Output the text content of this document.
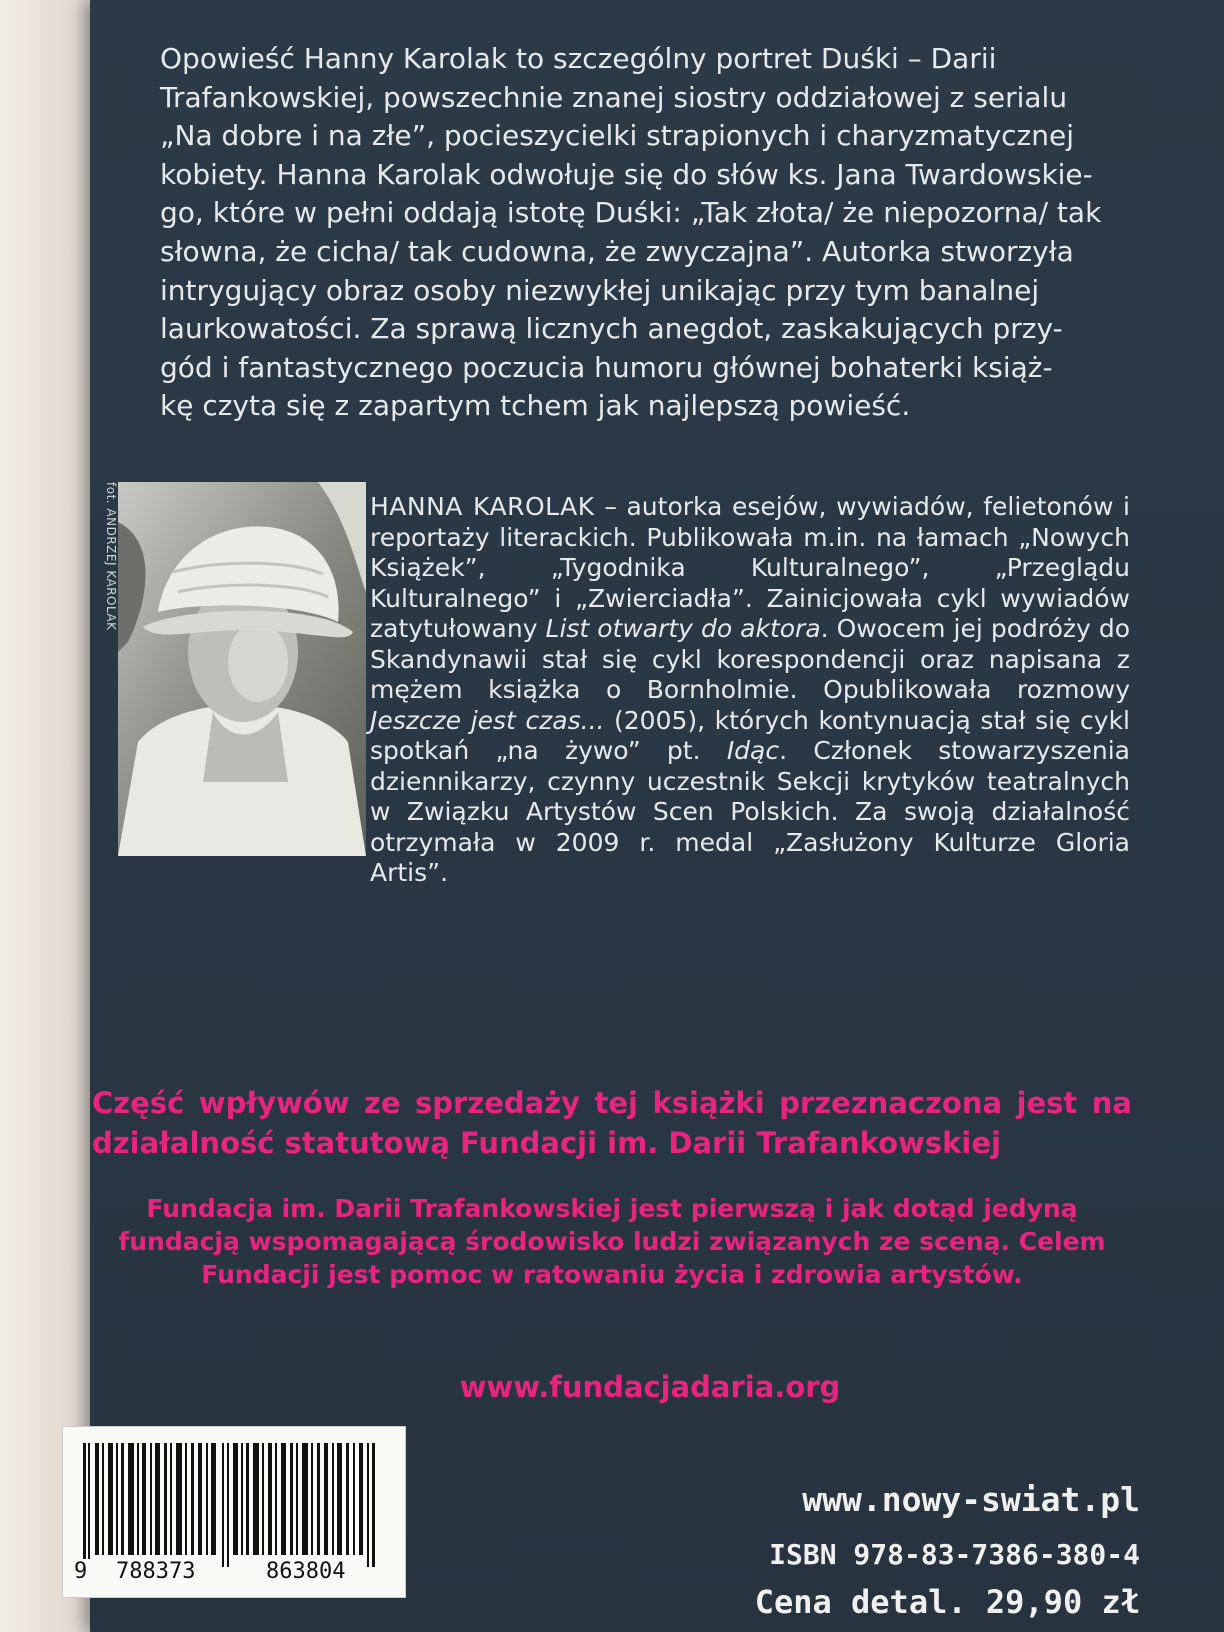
Opowieść Hanny Karolak to szczególny portret Duśki – Darii
Trafankowskiej, powszechnie znanej siostry oddziałowej z serialu
„Na dobre i na złe”, pocieszycielki strapionych i charyzmatycznej
kobiety. Hanna Karolak odwołuje się do słów ks. Jana Twardowskie-
go, które w pełni oddają istotę Duśki: „Tak złota/ że niepozorna/ tak
słowna, że cicha/ tak cudowna, że zwyczajna”. Autorka stworzyła
intrygujący obraz osoby niezwykłej unikając przy tym banalnej
laurkowatości. Za sprawą licznych anegdot, zaskakujących przy-
gód i fantastycznego poczucia humoru głównej bohaterki książ-
kę czyta się z zapartym tchem jak najlepszą powieść.

fot. ANDRZEJ KAROLAK	HANNA KAROLAK – autorka esejów, wywiadów, felietonów i reportaży literackich. Publikowała m.in. na łamach „Nowych Książek”, „Tygodnika Kulturalnego”, „Przeglądu Kulturalnego” i „Zwierciadła”. Zainicjowała cykl wywiadów zatytułowany List otwarty do aktora. Owocem jej podróży do Skandynawii stał się cykl korespondencji oraz napisana z mężem książka o Bornholmie. Opublikowała rozmowy Jeszcze jest czas... (2005), których kontynuacją stał się cykl spotkań „na żywo” pt. Idąc. Członek stowarzyszenia dziennikarzy, czynny uczestnik Sekcji krytyków teatralnych w Związku Artystów Scen Polskich. Za swoją działalność otrzymała w 2009 r. medal „Zasłużony Kulturze Gloria Artis”.

Część wpływów ze sprzedaży tej książki przeznaczona jest na działalność statutową Fundacji im. Darii Trafankowskiej

Fundacja im. Darii Trafankowskiej jest pierwszą i jak dotąd jedyną fundacją wspomagającą środowisko ludzi związanych ze sceną. Celem Fundacji jest pomoc w ratowaniu życia i zdrowia artystów.

www.fundacjadaria.org

9 788373	863804

www.nowy-swiat.pl

ISBN 978-83-7386-380-4

Cena detal. 29,90 zł
